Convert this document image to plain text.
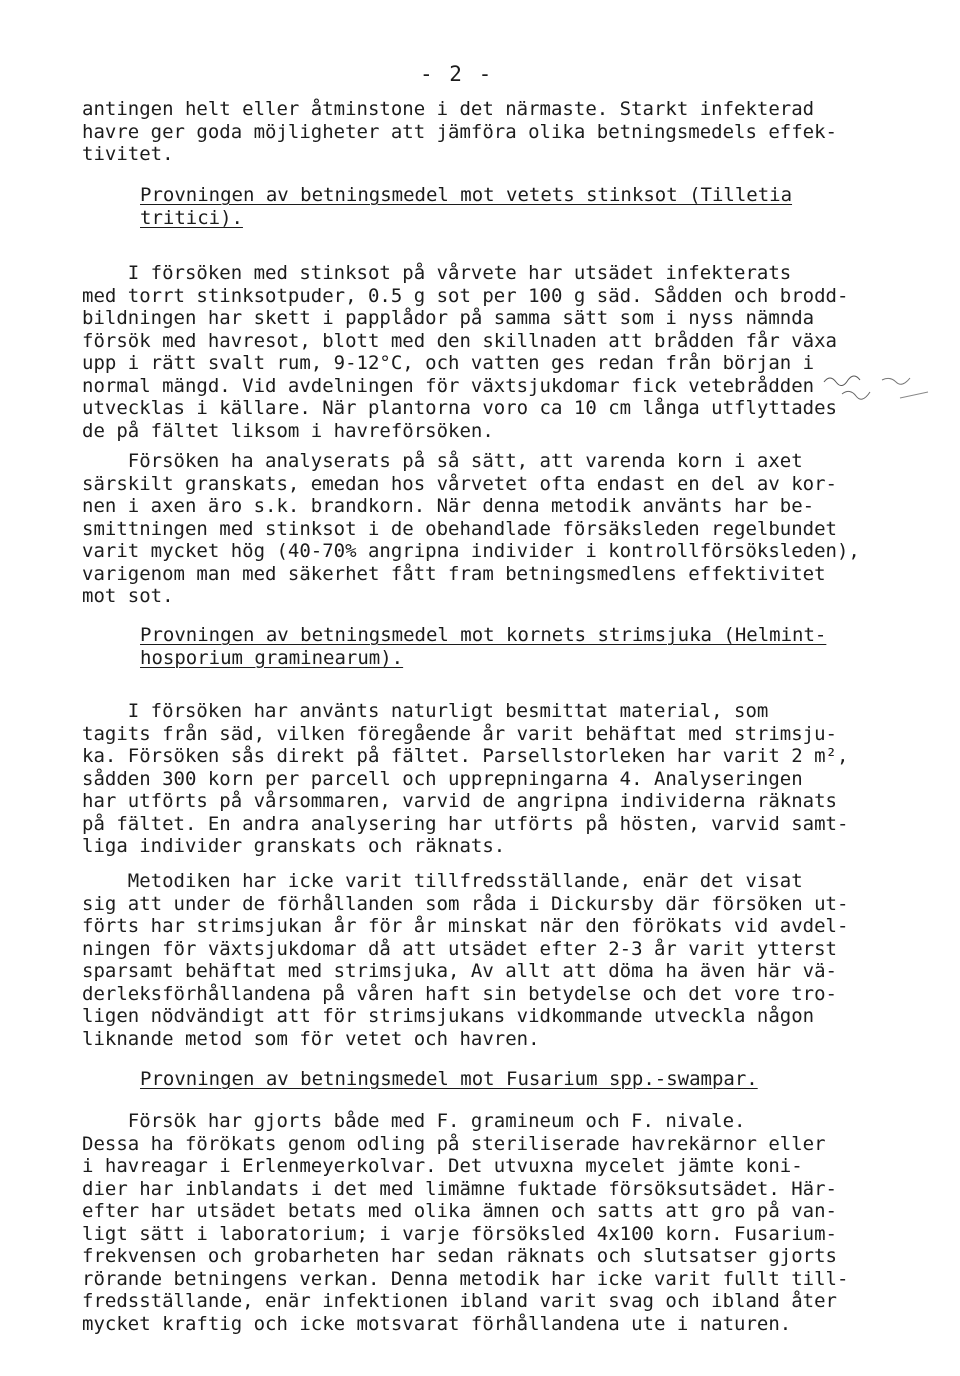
- 2 -
antingen helt eller åtminstone i det närmaste. Starkt infekterad
havre ger goda möjligheter att jämföra olika betningsmedels effek-
tivitet.
Provningen av betningsmedel mot vetets stinksot (Tilletia
tritici).
I försöken med stinksot på vårvete har utsädet infekterats
med torrt stinksotpuder, 0.5 g sot per 100 g säd. Sådden och brodd-
bildningen har skett i papplådor på samma sätt som i nyss nämnda
försök med havresot, blott med den skillnaden att brådden får växa
upp i rätt svalt rum, 9-12°C, och vatten ges redan från början i
normal mängd. Vid avdelningen för växtsjukdomar fick vetebrådden
utvecklas i källare. När plantorna voro ca 10 cm långa utflyttades
de på fältet liksom i havreförsöken.
Försöken ha analyserats på så sätt, att varenda korn i axet
särskilt granskats, emedan hos vårvetet ofta endast en del av kor-
nen i axen äro s.k. brandkorn. När denna metodik använts har be-
smittningen med stinksot i de obehandlade försäksleden regelbundet
varit mycket hög (40-70% angripna individer i kontrollförsöksleden),
varigenom man med säkerhet fått fram betningsmedlens effektivitet
mot sot.
Provningen av betningsmedel mot kornets strimsjuka (Helmint-
hosporium graminearum).
I försöken har använts naturligt besmittat material, som
tagits från säd, vilken föregående år varit behäftat med strimsju-
ka. Försöken sås direkt på fältet. Parsellstorleken har varit 2 m²,
sådden 300 korn per parcell och upprepningarna 4. Analyseringen
har utförts på vårsommaren, varvid de angripna individerna räknats
på fältet. En andra analysering har utförts på hösten, varvid samt-
liga individer granskats och räknats.
Metodiken har icke varit tillfredsställande, enär det visat
sig att under de förhållanden som råda i Dickursby där försöken ut-
förts har strimsjukan år för år minskat när den förökats vid avdel-
ningen för växtsjukdomar då att utsädet efter 2-3 år varit ytterst
sparsamt behäftat med strimsjuka, Av allt att döma ha även här vä-
derleksförhållandena på våren haft sin betydelse och det vore tro-
ligen nödvändigt att för strimsjukans vidkommande utveckla någon
liknande metod som för vetet och havren.
Provningen av betningsmedel mot Fusarium spp.-swampar.
Försök har gjorts både med F. gramineum och F. nivale.
Dessa ha förökats genom odling på steriliserade havrekärnor eller
i havreagar i Erlenmeyerkolvar. Det utvuxna mycelet jämte koni-
dier har inblandats i det med limämne fuktade försöksutsädet. Här-
efter har utsädet betats med olika ämnen och satts att gro på van-
ligt sätt i laboratorium; i varje försöksled 4x100 korn. Fusarium-
frekvensen och grobarheten har sedan räknats och slutsatser gjorts
rörande betningens verkan. Denna metodik har icke varit fullt till-
fredsställande, enär infektionen ibland varit svag och ibland åter
mycket kraftig och icke motsvarat förhållandena ute i naturen.
